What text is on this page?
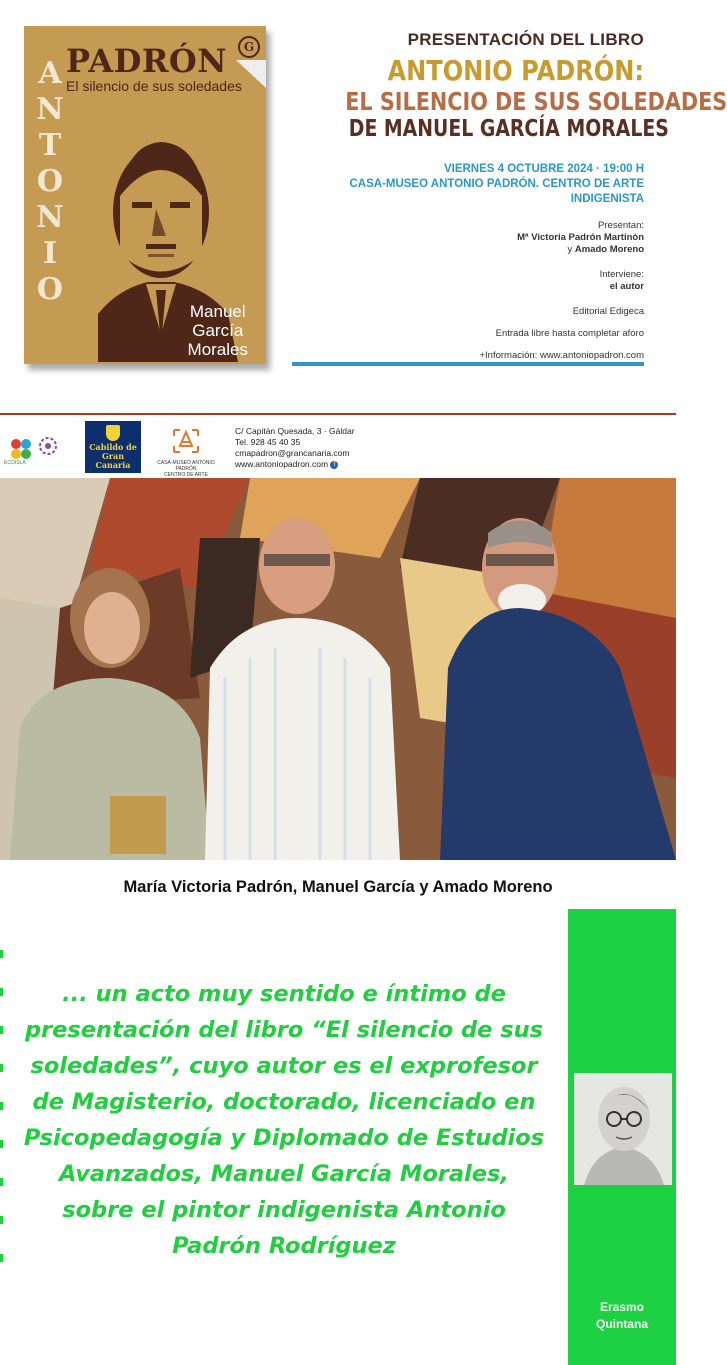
PADRÓN
El silencio de sus soledades
A
N
T
O
N
I
O
G
Manuel
García
Morales
PRESENTACIÓN DEL LIBRO
ANTONIO PADRÓN:
EL SILENCIO DE SUS SOLEDADES
DE MANUEL GARCÍA MORALES
VIERNES 4 OCTUBRE 2024 · 19:00 H
CASA-MUSEO ANTONIO PADRÓN. CENTRO DE ARTE INDIGENISTA
Presentan:
Mª Victoria Padrón Martinón
y Amado Moreno
Interviene:
el autor
Editorial Edigeca
Entrada libre hasta completar aforo
+Información: www.antoniopadron.com
ECOISLA
Cabildo de
Gran Canaria	CASA-MUSEO ANTONIO PADRÓN
CENTRO DE ARTE
C/ Capitán Quesada, 3 · Gáldar
Tel. 928 45 40 35
cmapadron@grancanaria.com
www.antoniopadron.com f
María Victoria Padrón, Manuel García y Amado Moreno
... un acto muy sentido e íntimo de presentación del libro “El silencio de sus soledades”, cuyo autor es el exprofesor de Magisterio, doctorado, licenciado en Psicopedagogía y Diplomado de Estudios Avanzados, Manuel García Morales, sobre el pintor indigenista Antonio Padrón Rodríguez
Erasmo
Quintana
